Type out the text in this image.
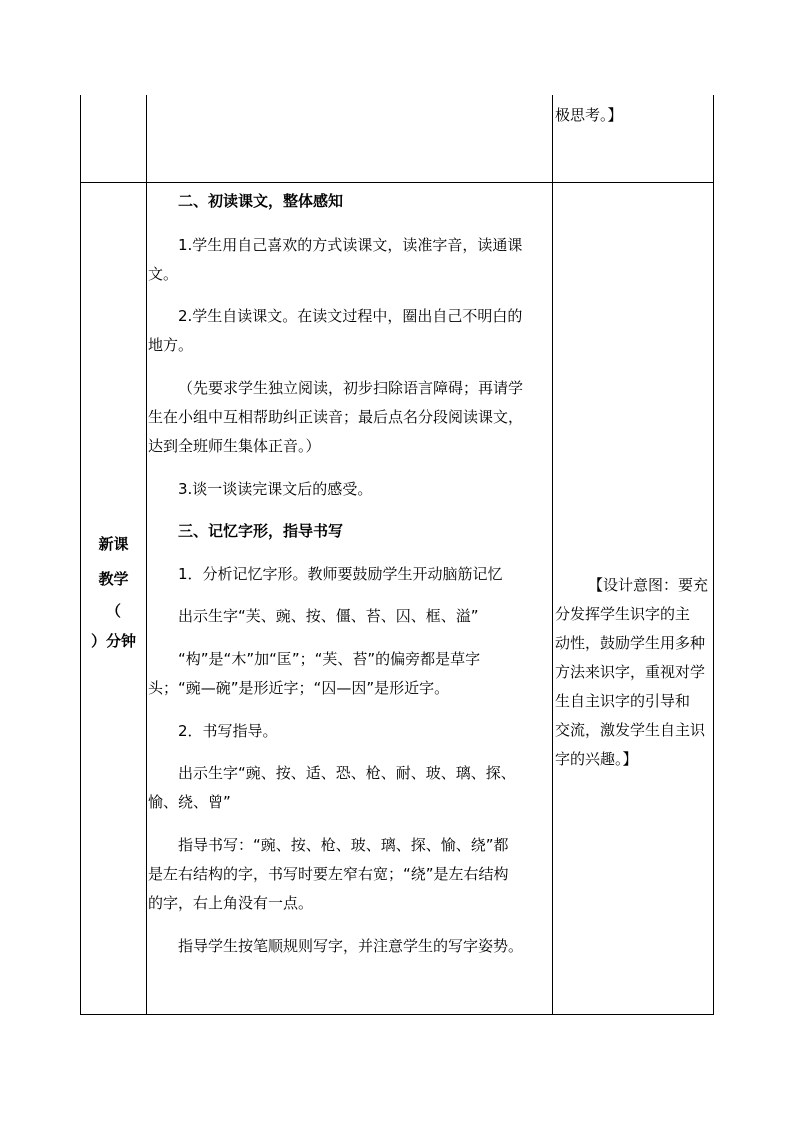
极思考。】
新课
教学
（
）分钟
二、初读课文，整体感知
1.学生用自己喜欢的方式读课文，读准字音，读通课
文。
2.学生自读课文。在读文过程中，圈出自己不明白的
地方。
（先要求学生独立阅读，初步扫除语言障碍；再请学
生在小组中互相帮助纠正读音；最后点名分段阅读课文，
达到全班师生集体正音。）
3.谈一谈读完课文后的感受。
三、记忆字形，指导书写
1．分析记忆字形。教师要鼓励学生开动脑筋记忆
出示生字“芙、豌、按、僵、苔、囚、框、溢”
“构”是“木”加“匡”；“芙、苔”的偏旁都是草字
头；“豌—碗”是形近字；“囚—因”是形近字。
2．书写指导。
出示生字“豌、按、适、恐、枪、耐、玻、璃、探、
愉、绕、曾”
指导书写：“豌、按、枪、玻、璃、探、愉、绕”都
是左右结构的字，书写时要左窄右宽；“绕”是左右结构
的字，右上角没有一点。
指导学生按笔顺规则写字，并注意学生的写字姿势。
【设计意图：要充
分发挥学生识字的主
动性，鼓励学生用多种
方法来识字，重视对学
生自主识字的引导和
交流，激发学生自主识
字的兴趣。】
